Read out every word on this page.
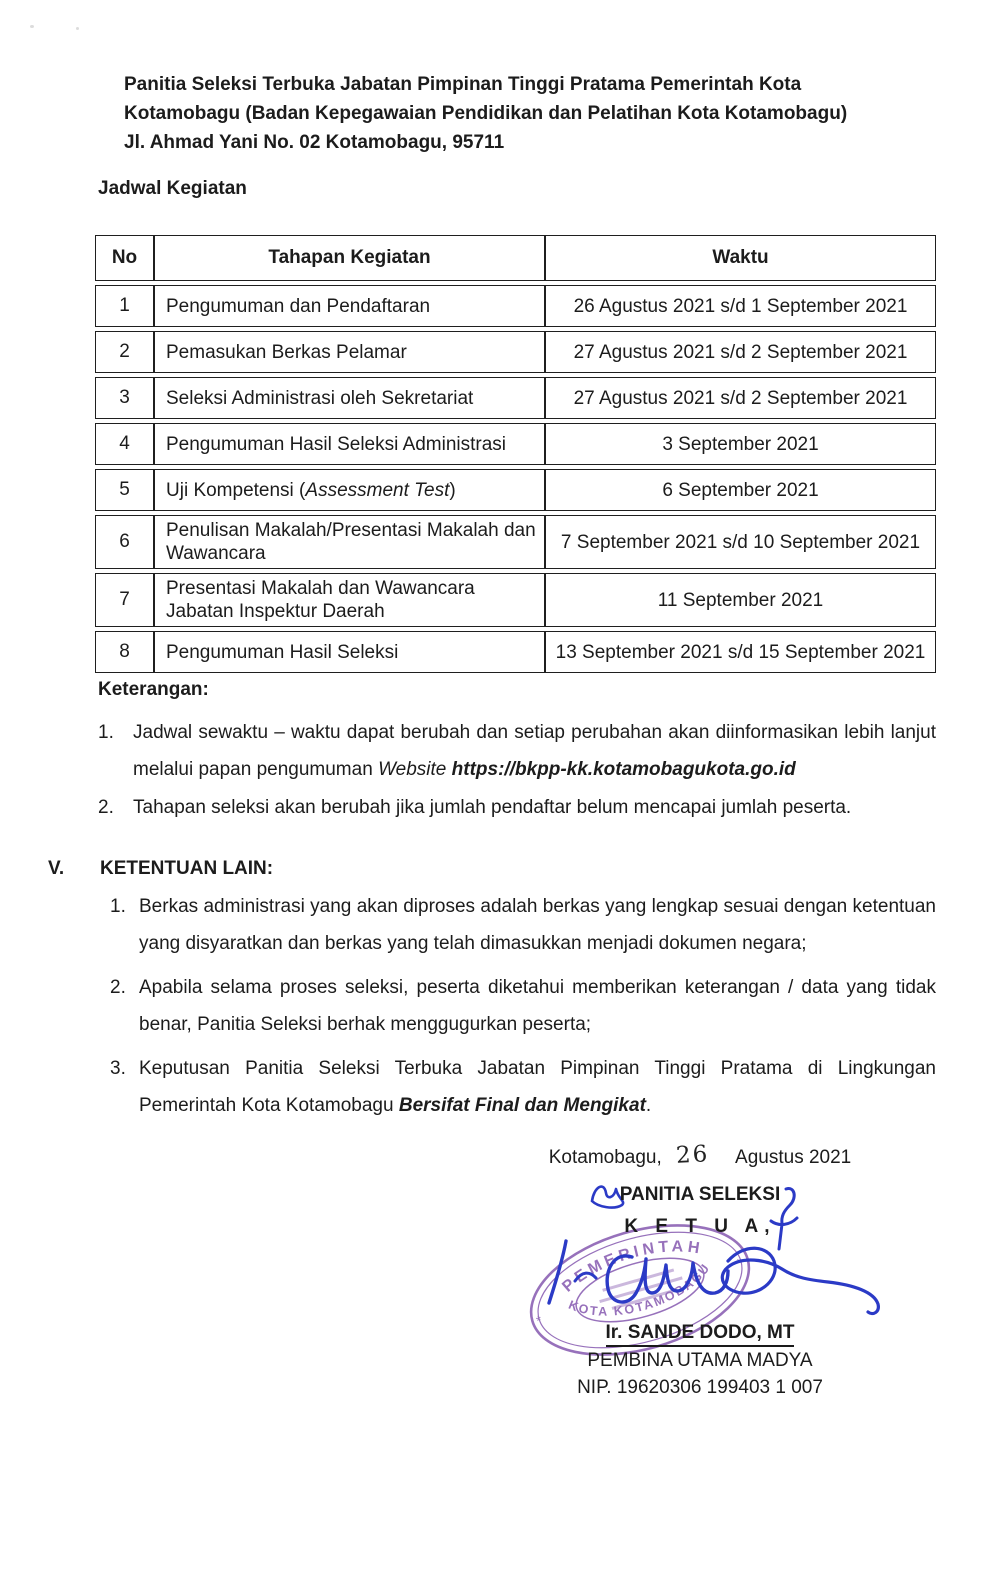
Panitia Seleksi Terbuka Jabatan Pimpinan Tinggi Pratama Pemerintah Kota
Kotamobagu (Badan Kepegawaian Pendidikan dan Pelatihan Kota Kotamobagu)
Jl. Ahmad Yani No. 02 Kotamobagu, 95711
Jadwal Kegiatan
No	Tahapan Kegiatan	Waktu
1	Pengumuman dan Pendaftaran	26 Agustus 2021 s/d 1 September 2021
2	Pemasukan Berkas Pelamar	27 Agustus 2021 s/d 2 September 2021
3	Seleksi Administrasi oleh Sekretariat	27 Agustus 2021 s/d 2 September 2021
4	Pengumuman Hasil Seleksi Administrasi	3 September 2021
5	Uji Kompetensi (Assessment Test)	6 September 2021
6	Penulisan Makalah/Presentasi Makalah dan Wawancara	7 September 2021 s/d 10 September 2021
7	Presentasi Makalah dan Wawancara Jabatan Inspektur Daerah	11 September 2021
8	Pengumuman Hasil Seleksi	13 September 2021 s/d 15 September 2021
Keterangan:
1.	Jadwal sewaktu – waktu dapat berubah dan setiap perubahan akan diinformasikan lebih lanjut melalui papan pengumuman Website https://bkpp-kk.kotamobagukota.go.id
2.	Tahapan seleksi akan berubah jika jumlah pendaftar belum mencapai jumlah peserta.
V.	KETENTUAN LAIN:
1. Berkas administrasi yang akan diproses adalah berkas yang lengkap sesuai dengan ketentuan yang disyaratkan dan berkas yang telah dimasukkan menjadi dokumen negara;
2. Apabila selama proses seleksi, peserta diketahui memberikan keterangan / data yang tidak benar, Panitia Seleksi berhak menggugurkan peserta;
3. Keputusan Panitia Seleksi Terbuka Jabatan Pimpinan Tinggi Pratama di Lingkungan Pemerintah Kota Kotamobagu Bersifat Final dan Mengikat.
PEMERINTAH
KOTA KOTAMOBAGU
*
*
Kotamobagu, 26 Agustus 2021
PANITIA SELEKSI
K E T U A,
Ir. SANDE DODO, MT
PEMBINA UTAMA MADYA
NIP. 19620306 199403 1 007
